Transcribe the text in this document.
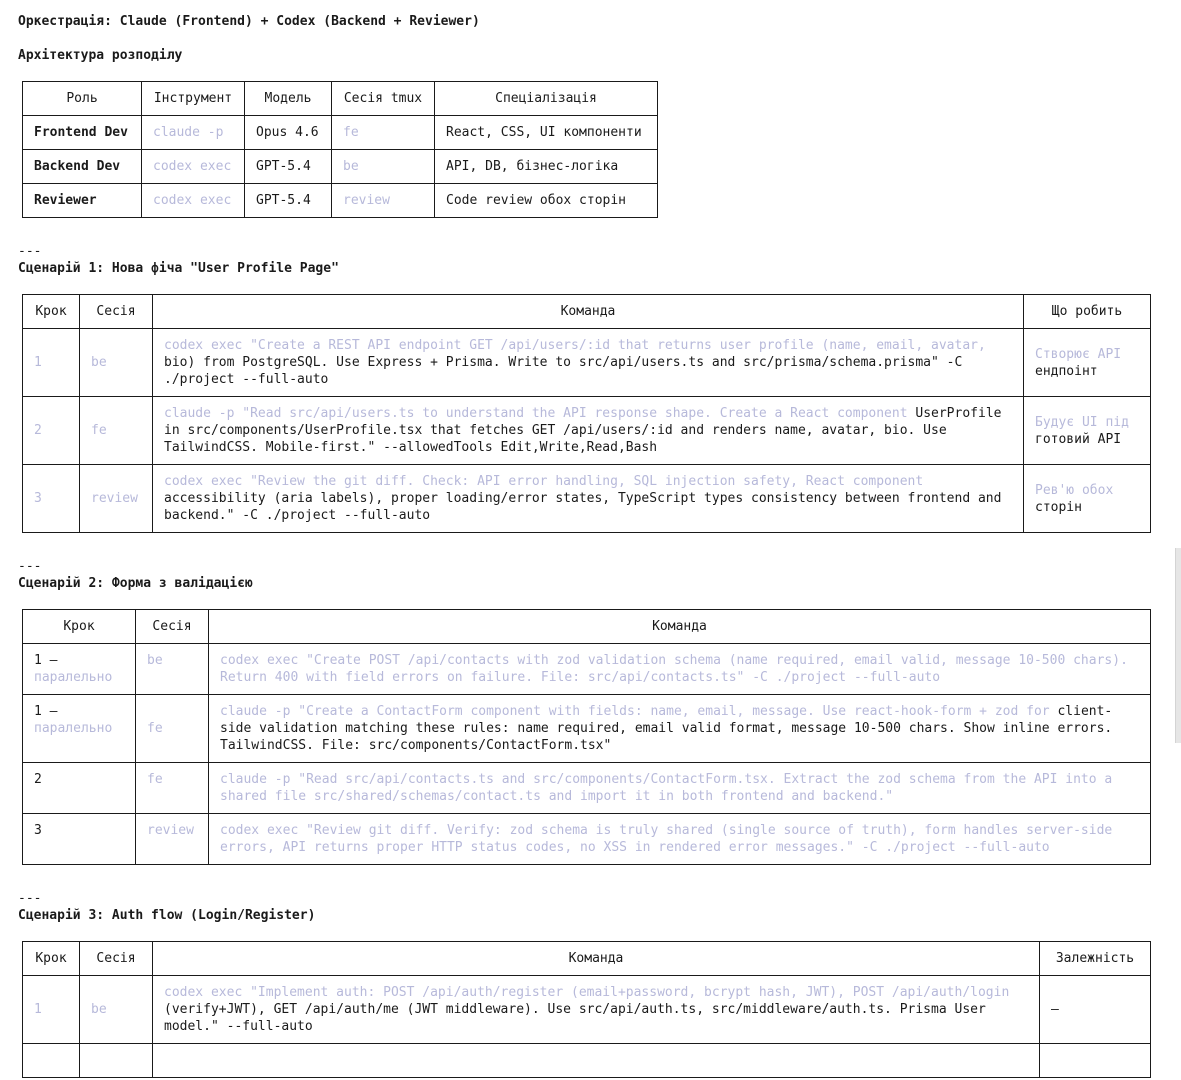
Оркестрація: Claude (Frontend) + Codex (Backend + Reviewer)
Архітектура розподілу
Роль	Інструмент	Модель	Сесія tmux	Спеціалізація
Frontend Dev	claude -p	Opus 4.6	fe	React, CSS, UI компоненти
Backend Dev	codex exec	GPT-5.4	be	API, DB, бізнес-логіка
Reviewer	codex exec	GPT-5.4	review	Code review обох сторін
---
Сценарій 1: Нова фіча "User Profile Page"
Крок	Сесія	Команда	Що робить
1	be	codex exec "Create a REST API endpoint GET /api/users/:id that returns user profile (name, email, avatar, bio) from PostgreSQL. Use Express + Prisma. Write to src/api/users.ts and src/prisma/schema.prisma" -C ./project --full-auto	Створює API
ендпоінт
2	fe	claude -p "Read src/api/users.ts to understand the API response shape. Create a React component UserProfile in src/components/UserProfile.tsx that fetches GET /api/users/:id and renders name, avatar, bio. Use TailwindCSS. Mobile-first." --allowedTools Edit,Write,Read,Bash	Будує UI під
готовий API
3	review	codex exec "Review the git diff. Check: API error handling, SQL injection safety, React component accessibility (aria labels), proper loading/error states, TypeScript types consistency between frontend and backend." -C ./project --full-auto	Рев'ю обох
сторін
---
Сценарій 2: Форма з валідацією
Крок	Сесія	Команда
1 —
паралельно	be	codex exec "Create POST /api/contacts with zod validation schema (name required, email valid, message 10-500 chars). Return 400 with field errors on failure. File: src/api/contacts.ts" -C ./project --full-auto
1 —
паралельно	fe	claude -p "Create a ContactForm component with fields: name, email, message. Use react-hook-form + zod for client-side validation matching these rules: name required, email valid format, message 10-500 chars. Show inline errors. TailwindCSS. File: src/components/ContactForm.tsx"
2	fe	claude -p "Read src/api/contacts.ts and src/components/ContactForm.tsx. Extract the zod schema from the API into a shared file src/shared/schemas/contact.ts and import it in both frontend and backend."
3	review	codex exec "Review git diff. Verify: zod schema is truly shared (single source of truth), form handles server-side errors, API returns proper HTTP status codes, no XSS in rendered error messages." -C ./project --full-auto
---
Сценарій 3: Auth flow (Login/Register)
Крок	Сесія	Команда	Залежність
1	be	codex exec "Implement auth: POST /api/auth/register (email+password, bcrypt hash, JWT), POST /api/auth/login (verify+JWT), GET /api/auth/me (JWT middleware). Use src/api/auth.ts, src/middleware/auth.ts. Prisma User model." --full-auto	—
